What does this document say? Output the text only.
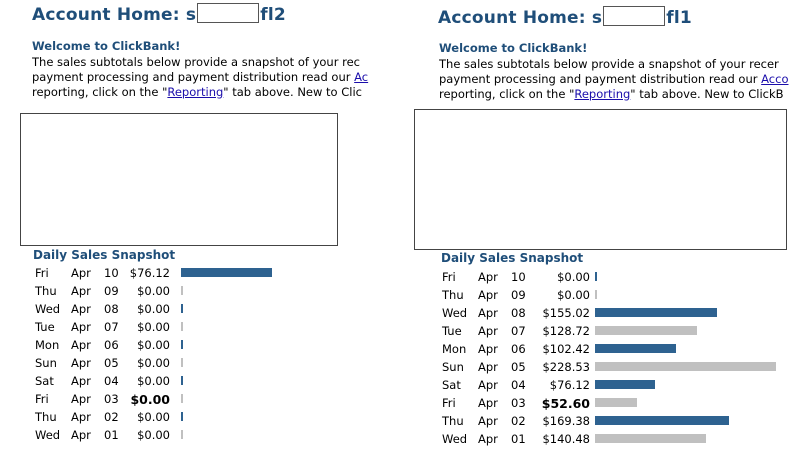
Account Home: s	fl2
Welcome to ClickBank!
The sales subtotals below provide a snapshot of your rec
payment processing and payment distribution read our Ac
reporting, click on the "Reporting" tab above. New to Clic
Daily Sales Snapshot
Fri Apr 10 $76.12
Thu Apr 09 $0.00
Wed Apr 08 $0.00
Tue Apr 07 $0.00
Mon Apr 06 $0.00
Sun Apr 05 $0.00
Sat Apr 04 $0.00
Fri Apr 03 $0.00
Thu Apr 02 $0.00
Wed Apr 01 $0.00
Account Home: s	fl1
Welcome to ClickBank!
The sales subtotals below provide a snapshot of your recer
payment processing and payment distribution read our Acco
reporting, click on the "Reporting" tab above. New to ClickB
Daily Sales Snapshot
Fri Apr 10	$0.00
Thu Apr 09	$0.00
Wed Apr 08 $155.02
Tue Apr 07 $128.72
Mon Apr 06 $102.42
Sun Apr 05 $228.53
Sat Apr 04 $76.12
Fri Apr 03 $52.60
Thu Apr 02 $169.38
Wed Apr 01 $140.48
